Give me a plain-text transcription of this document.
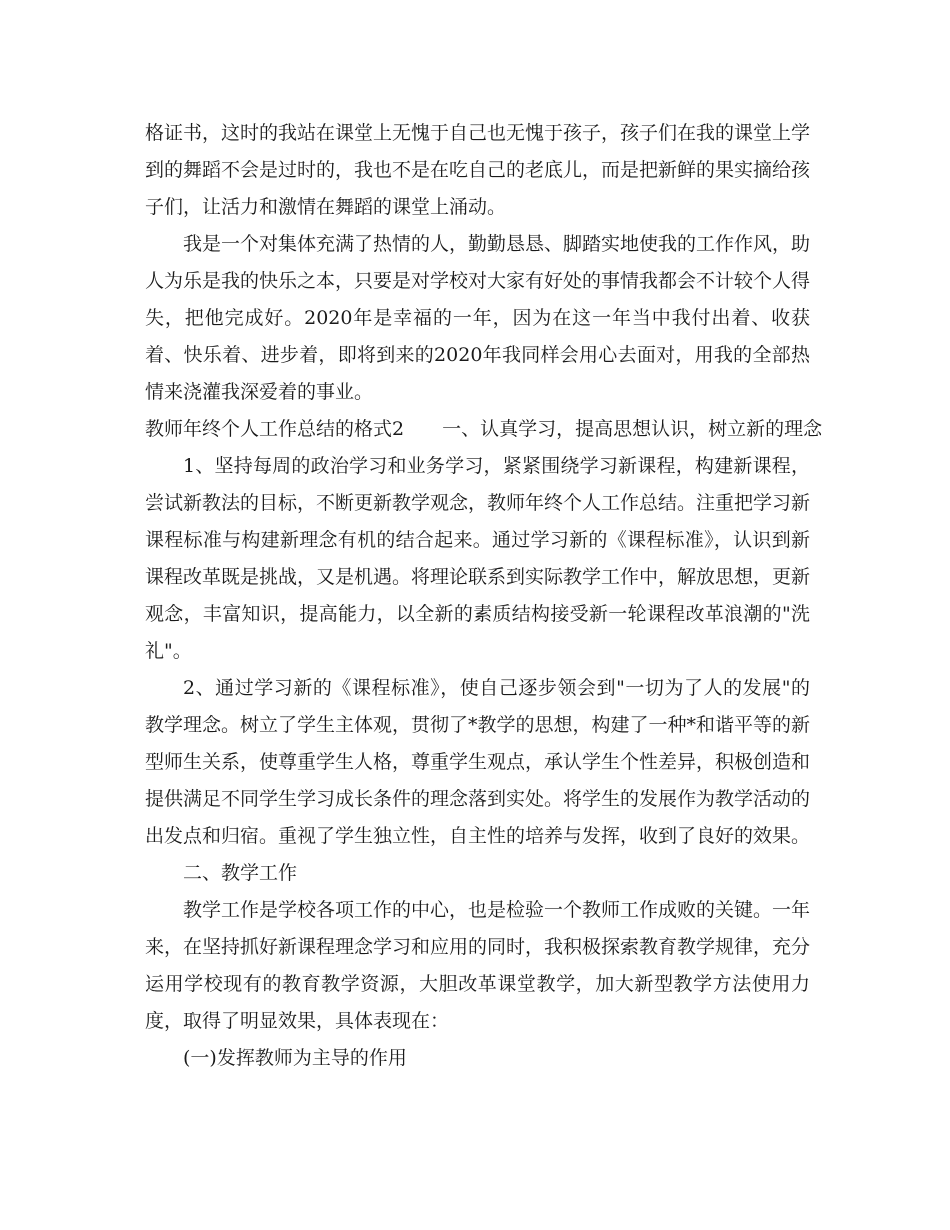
格证书，这时的我站在课堂上无愧于自己也无愧于孩子，孩子们在我的课堂上学到的舞蹈不会是过时的，我也不是在吃自己的老底儿，而是把新鲜的果实摘给孩子们，让活力和激情在舞蹈的课堂上涌动。

我是一个对集体充满了热情的人，勤勤恳恳、脚踏实地使我的工作作风，助人为乐是我的快乐之本，只要是对学校对大家有好处的事情我都会不计较个人得失，把他完成好。2020年是幸福的一年，因为在这一年当中我付出着、收获着、快乐着、进步着，即将到来的2020年我同样会用心去面对，用我的全部热情来浇灌我深爱着的事业。

教师年终个人工作总结的格式2 一、认真学习，提高思想认识，树立新的理念

1、坚持每周的政治学习和业务学习，紧紧围绕学习新课程，构建新课程，尝试新教法的目标，不断更新教学观念，教师年终个人工作总结。注重把学习新课程标准与构建新理念有机的结合起来。通过学习新的《课程标准》，认识到新课程改革既是挑战，又是机遇。将理论联系到实际教学工作中，解放思想，更新观念，丰富知识，提高能力，以全新的素质结构接受新一轮课程改革浪潮的"洗礼"。

2、通过学习新的《课程标准》，使自己逐步领会到"一切为了人的发展"的教学理念。树立了学生主体观，贯彻了*教学的思想，构建了一种*和谐平等的新型师生关系，使尊重学生人格，尊重学生观点，承认学生个性差异，积极创造和提供满足不同学生学习成长条件的理念落到实处。将学生的发展作为教学活动的出发点和归宿。重视了学生独立性，自主性的培养与发挥，收到了良好的效果。

二、教学工作

教学工作是学校各项工作的中心，也是检验一个教师工作成败的关键。一年来，在坚持抓好新课程理念学习和应用的同时，我积极探索教育教学规律，充分运用学校现有的教育教学资源，大胆改革课堂教学，加大新型教学方法使用力度，取得了明显效果，具体表现在：

(一)发挥教师为主导的作用
